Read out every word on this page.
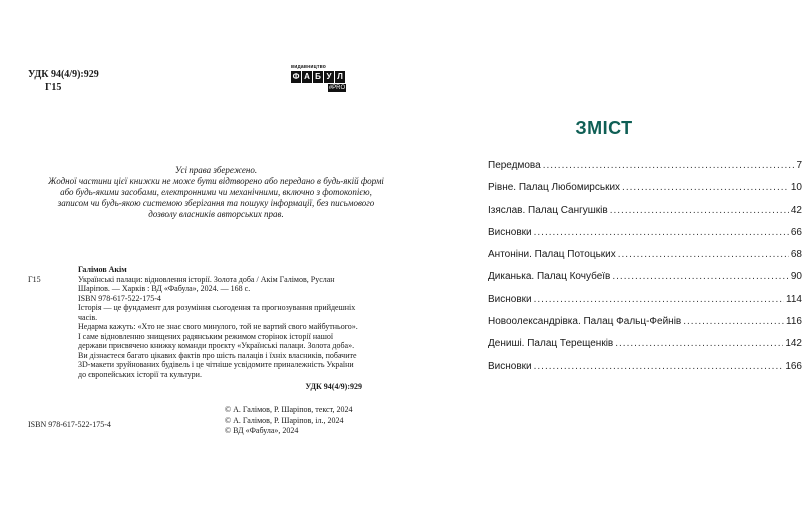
УДК 94(4/9):929
Г15
видавництво
Ф А Б У Л
#PRO
Усі права збережено.
Жодної частини цієї книжки не може бути відтворено або передано в будь-якій формі
або будь-якими засобами, електронними чи механічними, включно з фотокопією,
записом чи будь-якою системою зберігання та пошуку інформації, без письмового
дозволу власників авторських прав.
Г15
Галімов Акім
Українські палаци: відновлення історії. Золота доба / Акім Галімов, Руслан Шаріпов. — Харків : ВД «Фабула», 2024. — 168 с.
ISBN 978-617-522-175-4
Історія — це фундамент для розуміння сьогодення та прогнозування прийдешніх часів.
Недарма кажуть: «Хто не знає свого минулого, той не вартий свого майбутнього».
І саме відновленню знищених радянським режимом сторінок історії нашої держави присвячено книжку команди проєкту «Українські палаци. Золота доба».
Ви дізнаєтеся багато цікавих фактів про шість палаців і їхніх власників, побачите 3D-макети зруйнованих будівель і це чітніше усвідомите приналежність України до європейських історії та культури.
УДК 94(4/9):929
ISBN 978-617-522-175-4
© А. Галімов, Р. Шаріпов, текст, 2024
© А. Галімов, Р. Шаріпов, іл., 2024
© ВД «Фабула», 2024
ЗМІСТ
Передмова .....	7
Рівне. Палац Любомирських .....	10
Ізяслав. Палац Сангушків .....	42
Висновки .....	66
Антоніни. Палац Потоцьких .....	68
Диканька. Палац Кочубеїв .....	90
Висновки .....	114
Новоолександрівка. Палац Фальц-Фейнів .....	116
Дениші. Палац Терещенків .....	142
Висновки .....	166
